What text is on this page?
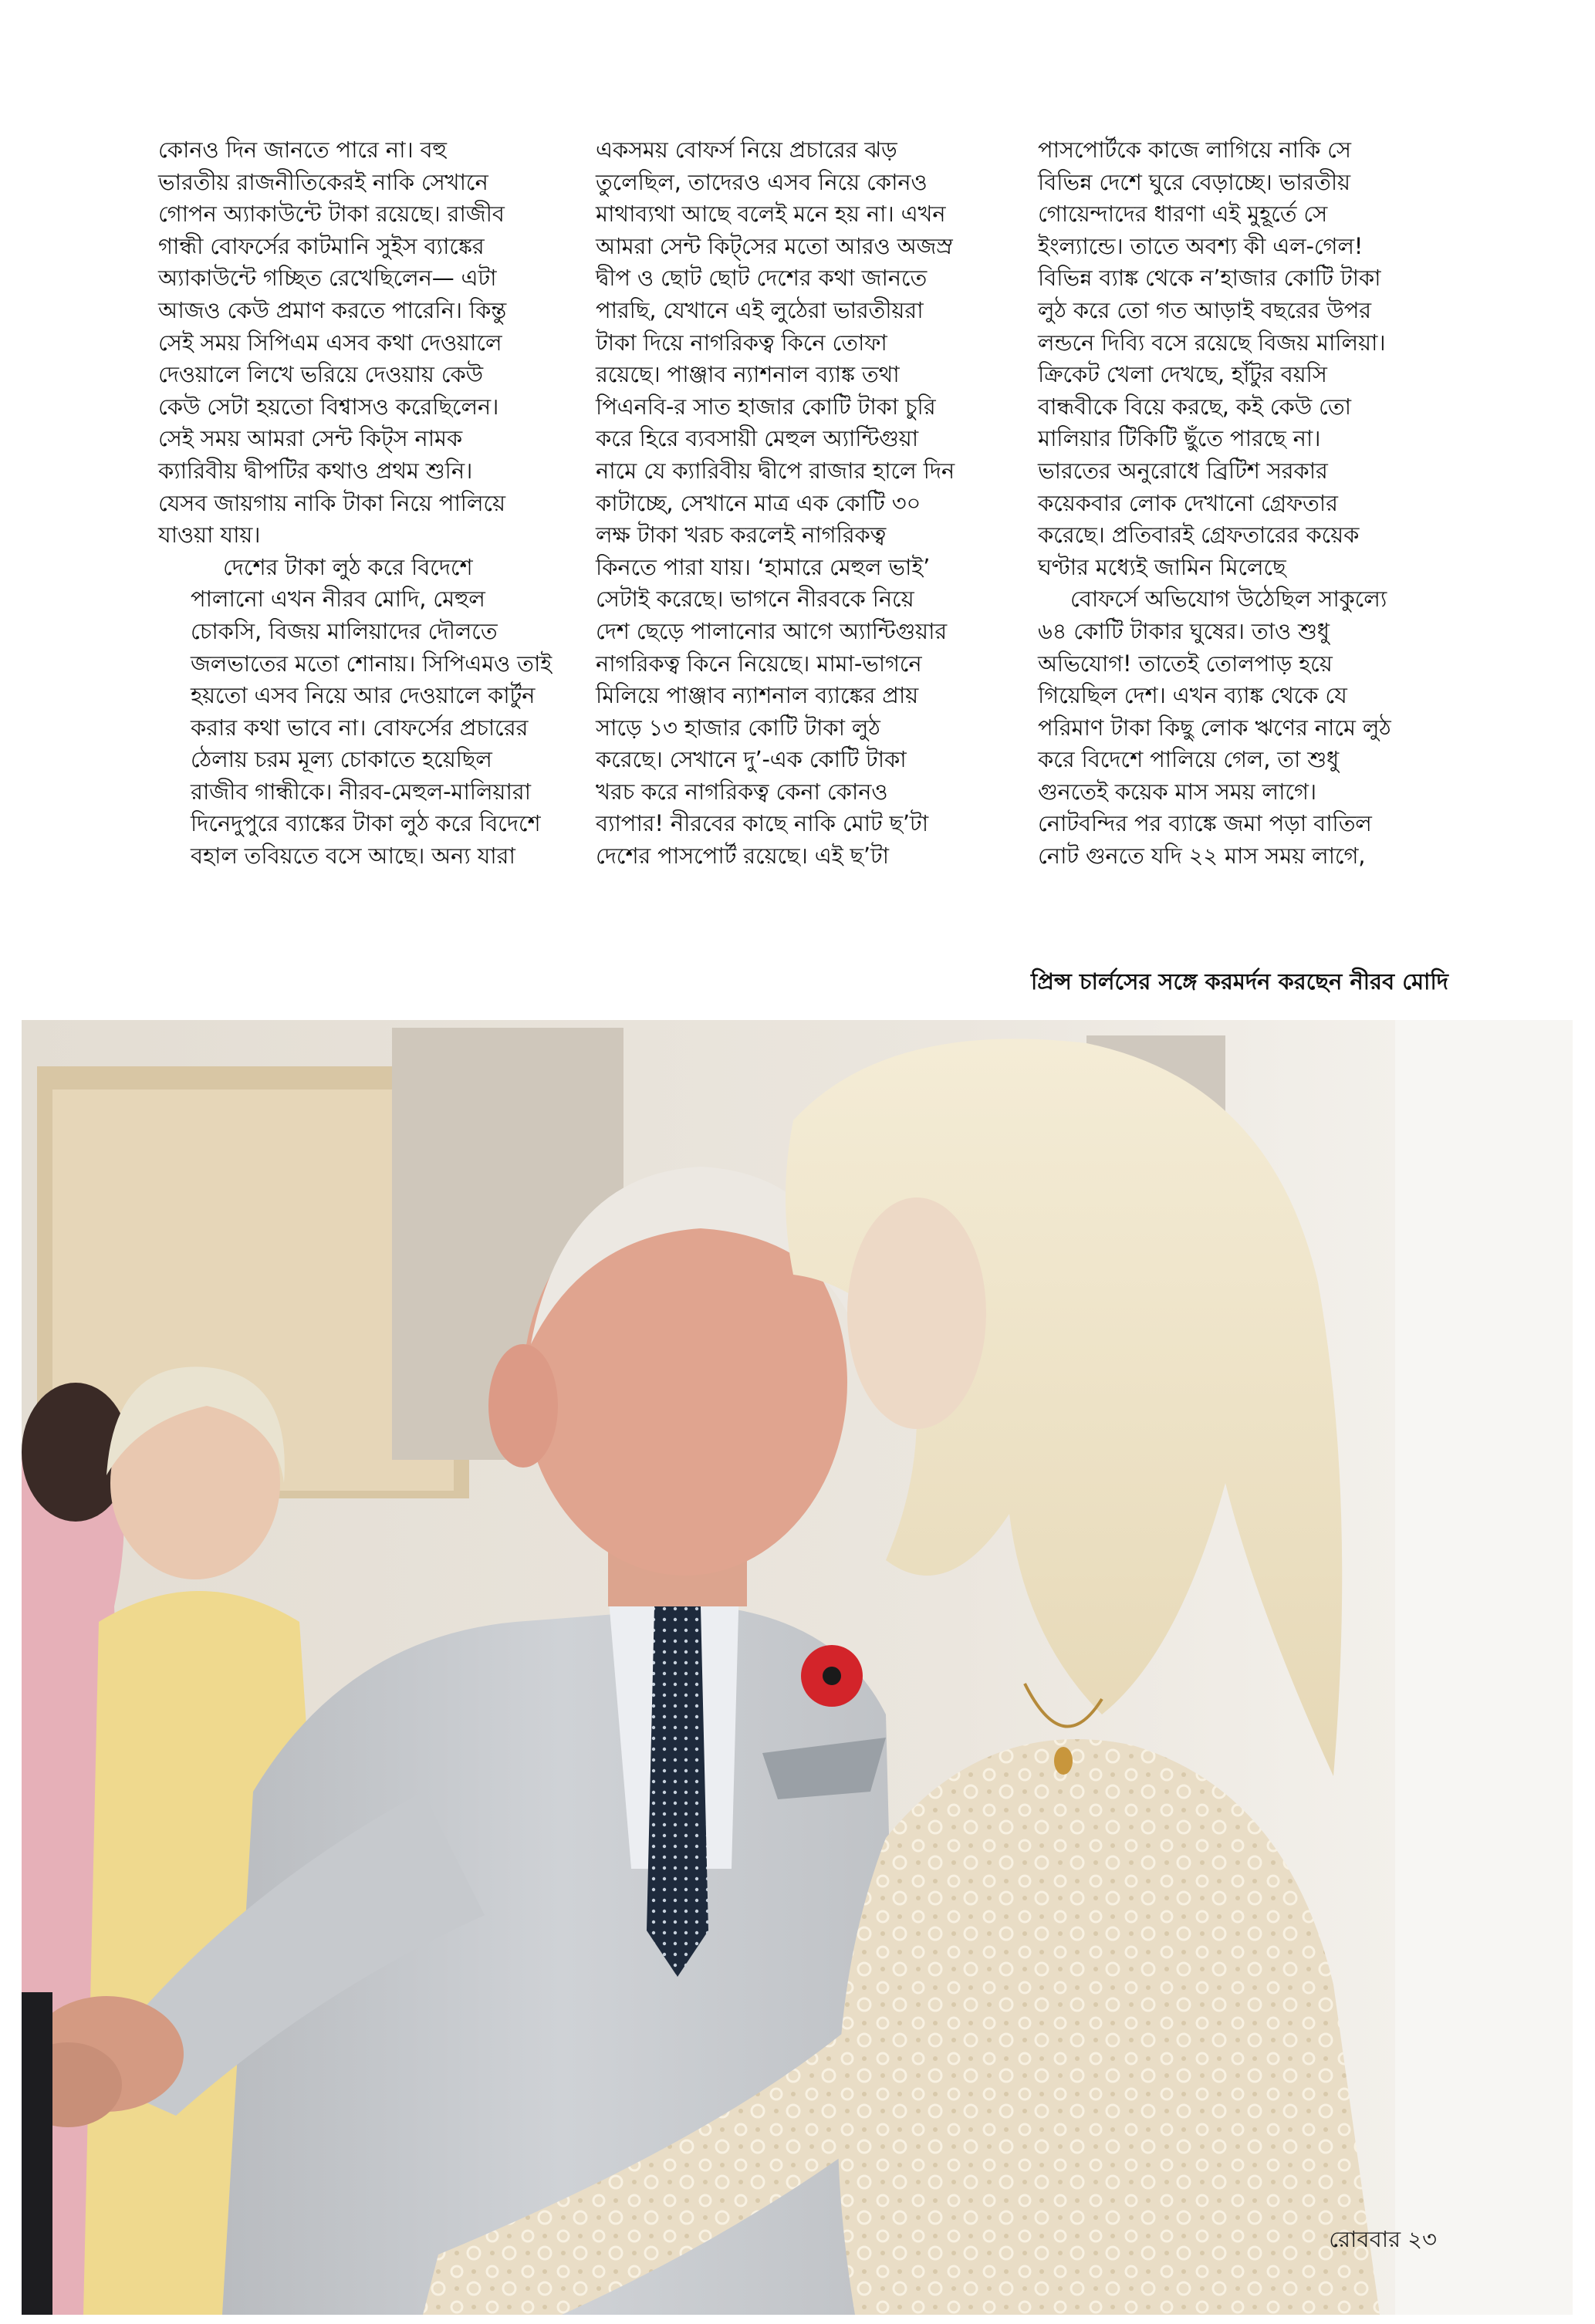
কোনও দিন জানতে পারে না। বহু
ভারতীয় রাজনীতিকেরই নাকি সেখানে
গোপন অ্যাকাউন্টে টাকা রয়েছে। রাজীব
গান্ধী বোফর্সের কাটমানি সুইস ব্যাঙ্কের
অ্যাকাউন্টে গচ্ছিত রেখেছিলেন— এটা
আজও কেউ প্রমাণ করতে পারেনি। কিন্তু
সেই সময় সিপিএম এসব কথা দেওয়ালে
দেওয়ালে লিখে ভরিয়ে দেওয়ায় কেউ
কেউ সেটা হয়তো বিশ্বাসও করেছিলেন।
সেই সময় আমরা সেন্ট কিট্‌স নামক
ক্যারিবীয় দ্বীপটির কথাও প্রথম শুনি।
যেসব জায়গায় নাকি টাকা নিয়ে পালিয়ে
যাওয়া যায়।

দেশের টাকা লুঠ করে বিদেশে
পালানো এখন নীরব মোদি, মেহুল
চোকসি, বিজয় মালিয়াদের দৌলতে
জলভাতের মতো শোনায়। সিপিএমও তাই
হয়তো এসব নিয়ে আর দেওয়ালে কার্টুন
করার কথা ভাবে না। বোফর্সের প্রচারের
ঠেলায় চরম মূল্য চোকাতে হয়েছিল
রাজীব গান্ধীকে। নীরব-মেহুল-মালিয়ারা
দিনেদুপুরে ব্যাঙ্কের টাকা লুঠ করে বিদেশে
বহাল তবিয়তে বসে আছে। অন্য যারা

একসময় বোফর্স নিয়ে প্রচারের ঝড়
তুলেছিল, তাদেরও এসব নিয়ে কোনও
মাথাব্যথা আছে বলেই মনে হয় না। এখন
আমরা সেন্ট কিট্‌সের মতো আরও অজস্র
দ্বীপ ও ছোট ছোট দেশের কথা জানতে
পারছি, যেখানে এই লুঠেরা ভারতীয়রা
টাকা দিয়ে নাগরিকত্ব কিনে তোফা
রয়েছে। পাঞ্জাব ন্যাশনাল ব্যাঙ্ক তথা
পিএনবি-র সাত হাজার কোটি টাকা চুরি
করে হিরে ব্যবসায়ী মেহুল অ্যান্টিগুয়া
নামে যে ক্যারিবীয় দ্বীপে রাজার হালে দিন
কাটাচ্ছে, সেখানে মাত্র এক কোটি ৩০
লক্ষ টাকা খরচ করলেই নাগরিকত্ব
কিনতে পারা যায়। ‘হামারে মেহুল ভাই’
সেটাই করেছে। ভাগনে নীরবকে নিয়ে
দেশ ছেড়ে পালানোর আগে অ্যান্টিগুয়ার
নাগরিকত্ব কিনে নিয়েছে। মামা-ভাগনে
মিলিয়ে পাঞ্জাব ন্যাশনাল ব্যাঙ্কের প্রায়
সাড়ে ১৩ হাজার কোটি টাকা লুঠ
করেছে। সেখানে দু’-এক কোটি টাকা
খরচ করে নাগরিকত্ব কেনা কোনও
ব্যাপার! নীরবের কাছে নাকি মোট ছ’টা
দেশের পাসপোর্ট রয়েছে। এই ছ’টা

পাসপোর্টকে কাজে লাগিয়ে নাকি সে
বিভিন্ন দেশে ঘুরে বেড়াচ্ছে। ভারতীয়
গোয়েন্দাদের ধারণা এই মুহূর্তে সে
ইংল্যান্ডে। তাতে অবশ্য কী এল-গেল!
বিভিন্ন ব্যাঙ্ক থেকে ন’হাজার কোটি টাকা
লুঠ করে তো গত আড়াই বছরের উপর
লন্ডনে দিব্যি বসে রয়েছে বিজয় মালিয়া।
ক্রিকেট খেলা দেখছে, হাঁটুর বয়সি
বান্ধবীকে বিয়ে করছে, কই কেউ তো
মালিয়ার টিকিটি ছুঁতে পারছে না।
ভারতের অনুরোধে ব্রিটিশ সরকার
কয়েকবার লোক দেখানো গ্রেফতার
করেছে। প্রতিবারই গ্রেফতারের কয়েক
ঘণ্টার মধ্যেই জামিন মিলেছে

বোফর্সে অভিযোগ উঠেছিল সাকুল্যে
৬৪ কোটি টাকার ঘুষের। তাও শুধু
অভিযোগ! তাতেই তোলপাড় হয়ে
গিয়েছিল দেশ। এখন ব্যাঙ্ক থেকে যে
পরিমাণ টাকা কিছু লোক ঋণের নামে লুঠ
করে বিদেশে পালিয়ে গেল, তা শুধু
গুনতেই কয়েক মাস সময় লাগে।
নোটবন্দির পর ব্যাঙ্কে জমা পড়া বাতিল
নোট গুনতে যদি ২২ মাস সময় লাগে,

প্রিন্স চার্লসের সঙ্গে করমর্দন করছেন নীরব মোদি
রোববার ২৩
